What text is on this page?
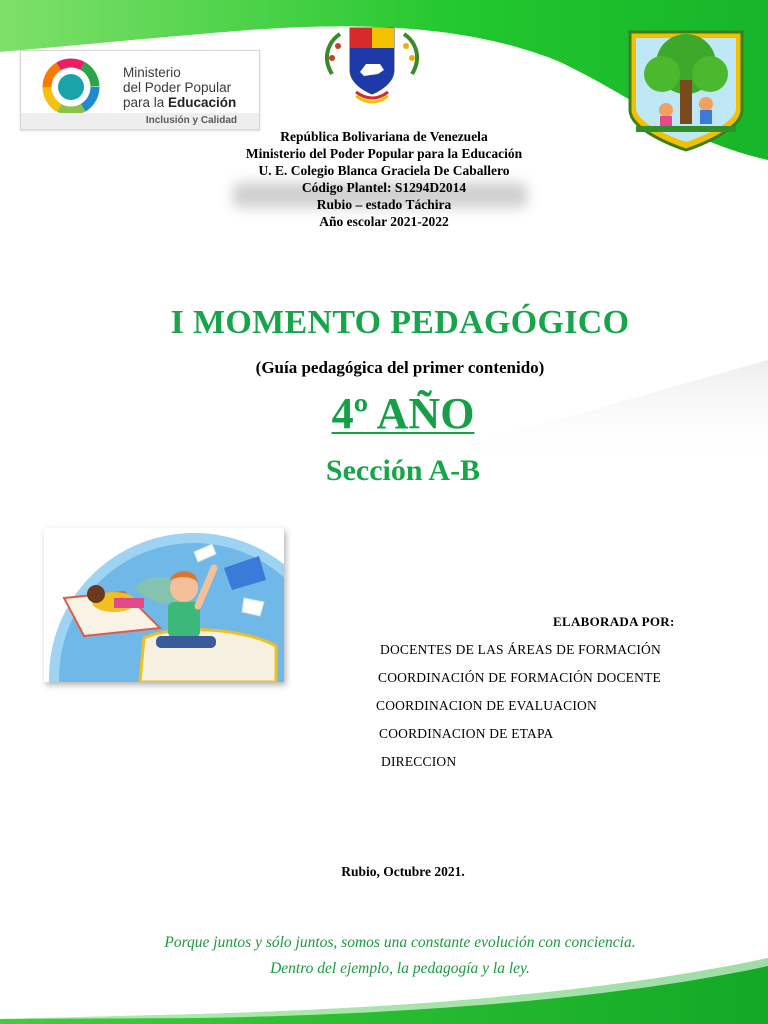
Ministerio
del Poder Popular
para la Educación
Inclusión y Calidad
República Bolivariana de Venezuela
Ministerio del Poder Popular para la Educación
U. E. Colegio Blanca Graciela De Caballero
Código Plantel: S1294D2014
Rubio – estado Táchira
Año escolar 2021-2022
I MOMENTO PEDAGÓGICO
(Guía pedagógica del primer contenido)
4º AÑO
Sección A-B
ELABORADA POR:
DOCENTES DE LAS ÁREAS DE FORMACIÓN
COORDINACIÓN DE FORMACIÓN DOCENTE
COORDINACION DE EVALUACION
COORDINACION DE ETAPA
DIRECCION
Rubio, Octubre 2021.
Porque juntos y sólo juntos, somos una constante evolución con conciencia.
Dentro del ejemplo, la pedagogía y la ley.
